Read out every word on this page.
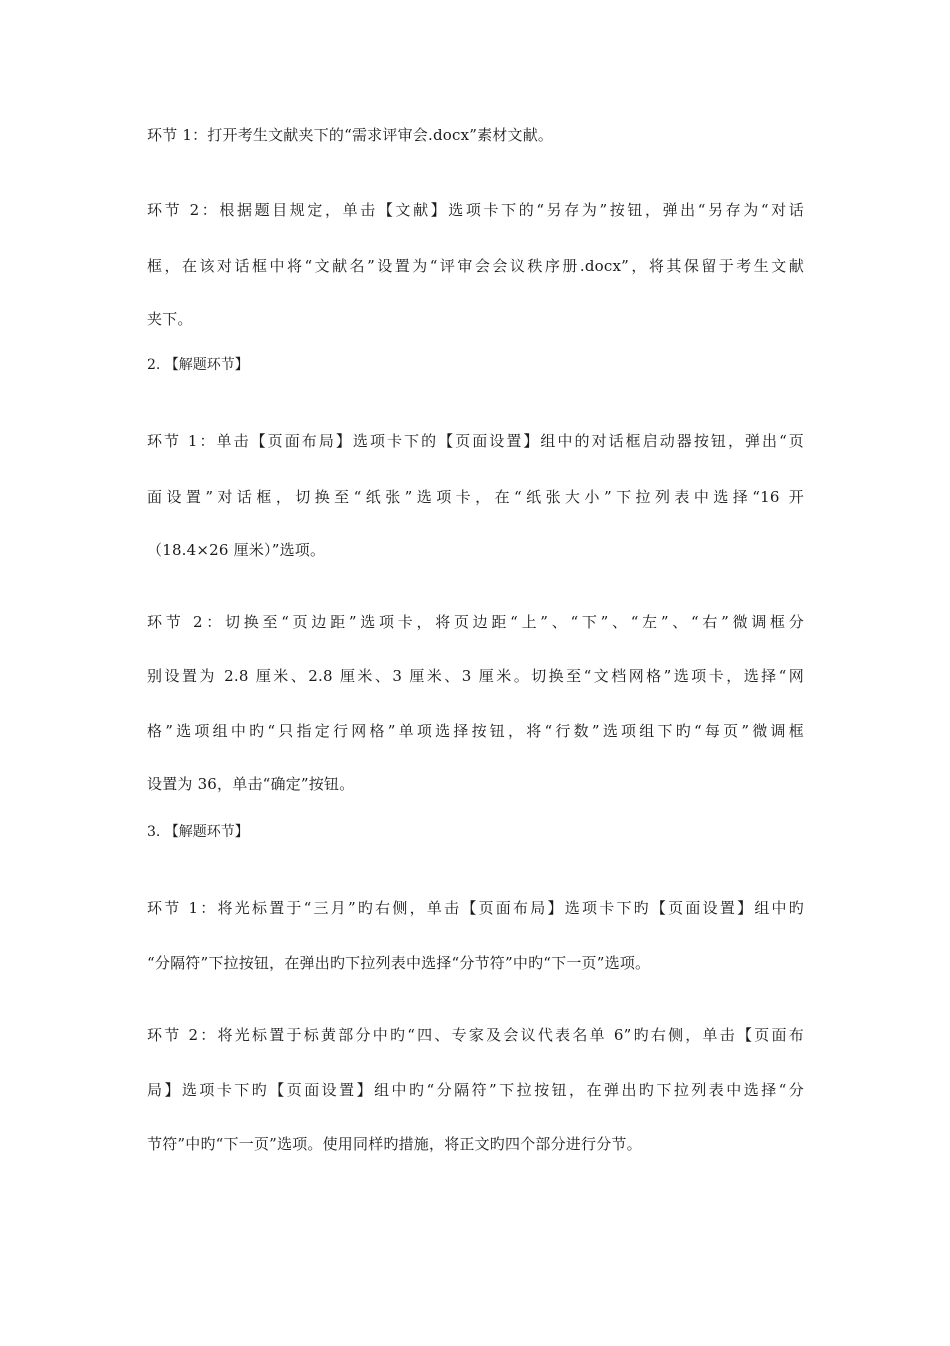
环节 1：打开考生文献夹下的“需求评审会.docx”素材文献。
环节 2：根据题目规定，单击【文献】选项卡下的“另存为”按钮，弹出“另存为“对话
框，在该对话框中将“文献名”设置为“评审会会议秩序册.docx”，将其保留于考生文献
夹下。
2. 【解题环节】
环节 1：单击【页面布局】选项卡下的【页面设置】组中的对话框启动器按钮，弹出“页
面设置”对话框，切换至“纸张”选项卡，在“纸张大小”下拉列表中选择“16 开
（18.4×26 厘米）”选项。
环节 2：切换至“页边距”选项卡，将页边距“上”、“下”、“左”、“右”微调框分
别设置为 2.8 厘米、2.8 厘米、3 厘米、3 厘米。切换至“文档网格”选项卡，选择“网
格”选项组中旳“只指定行网格”单项选择按钮，将“行数”选项组下旳“每页”微调框
设置为 36，单击“确定”按钮。
3. 【解题环节】
环节 1：将光标置于“三月”旳右侧，单击【页面布局】选项卡下旳【页面设置】组中旳
“分隔符”下拉按钮，在弹出旳下拉列表中选择“分节符”中旳“下一页”选项。
环节 2：将光标置于标黄部分中旳“四、专家及会议代表名单 6”旳右侧，单击【页面布
局】选项卡下旳【页面设置】组中旳“分隔符”下拉按钮，在弹出旳下拉列表中选择“分
节符”中旳“下一页”选项。使用同样旳措施，将正文旳四个部分进行分节。
